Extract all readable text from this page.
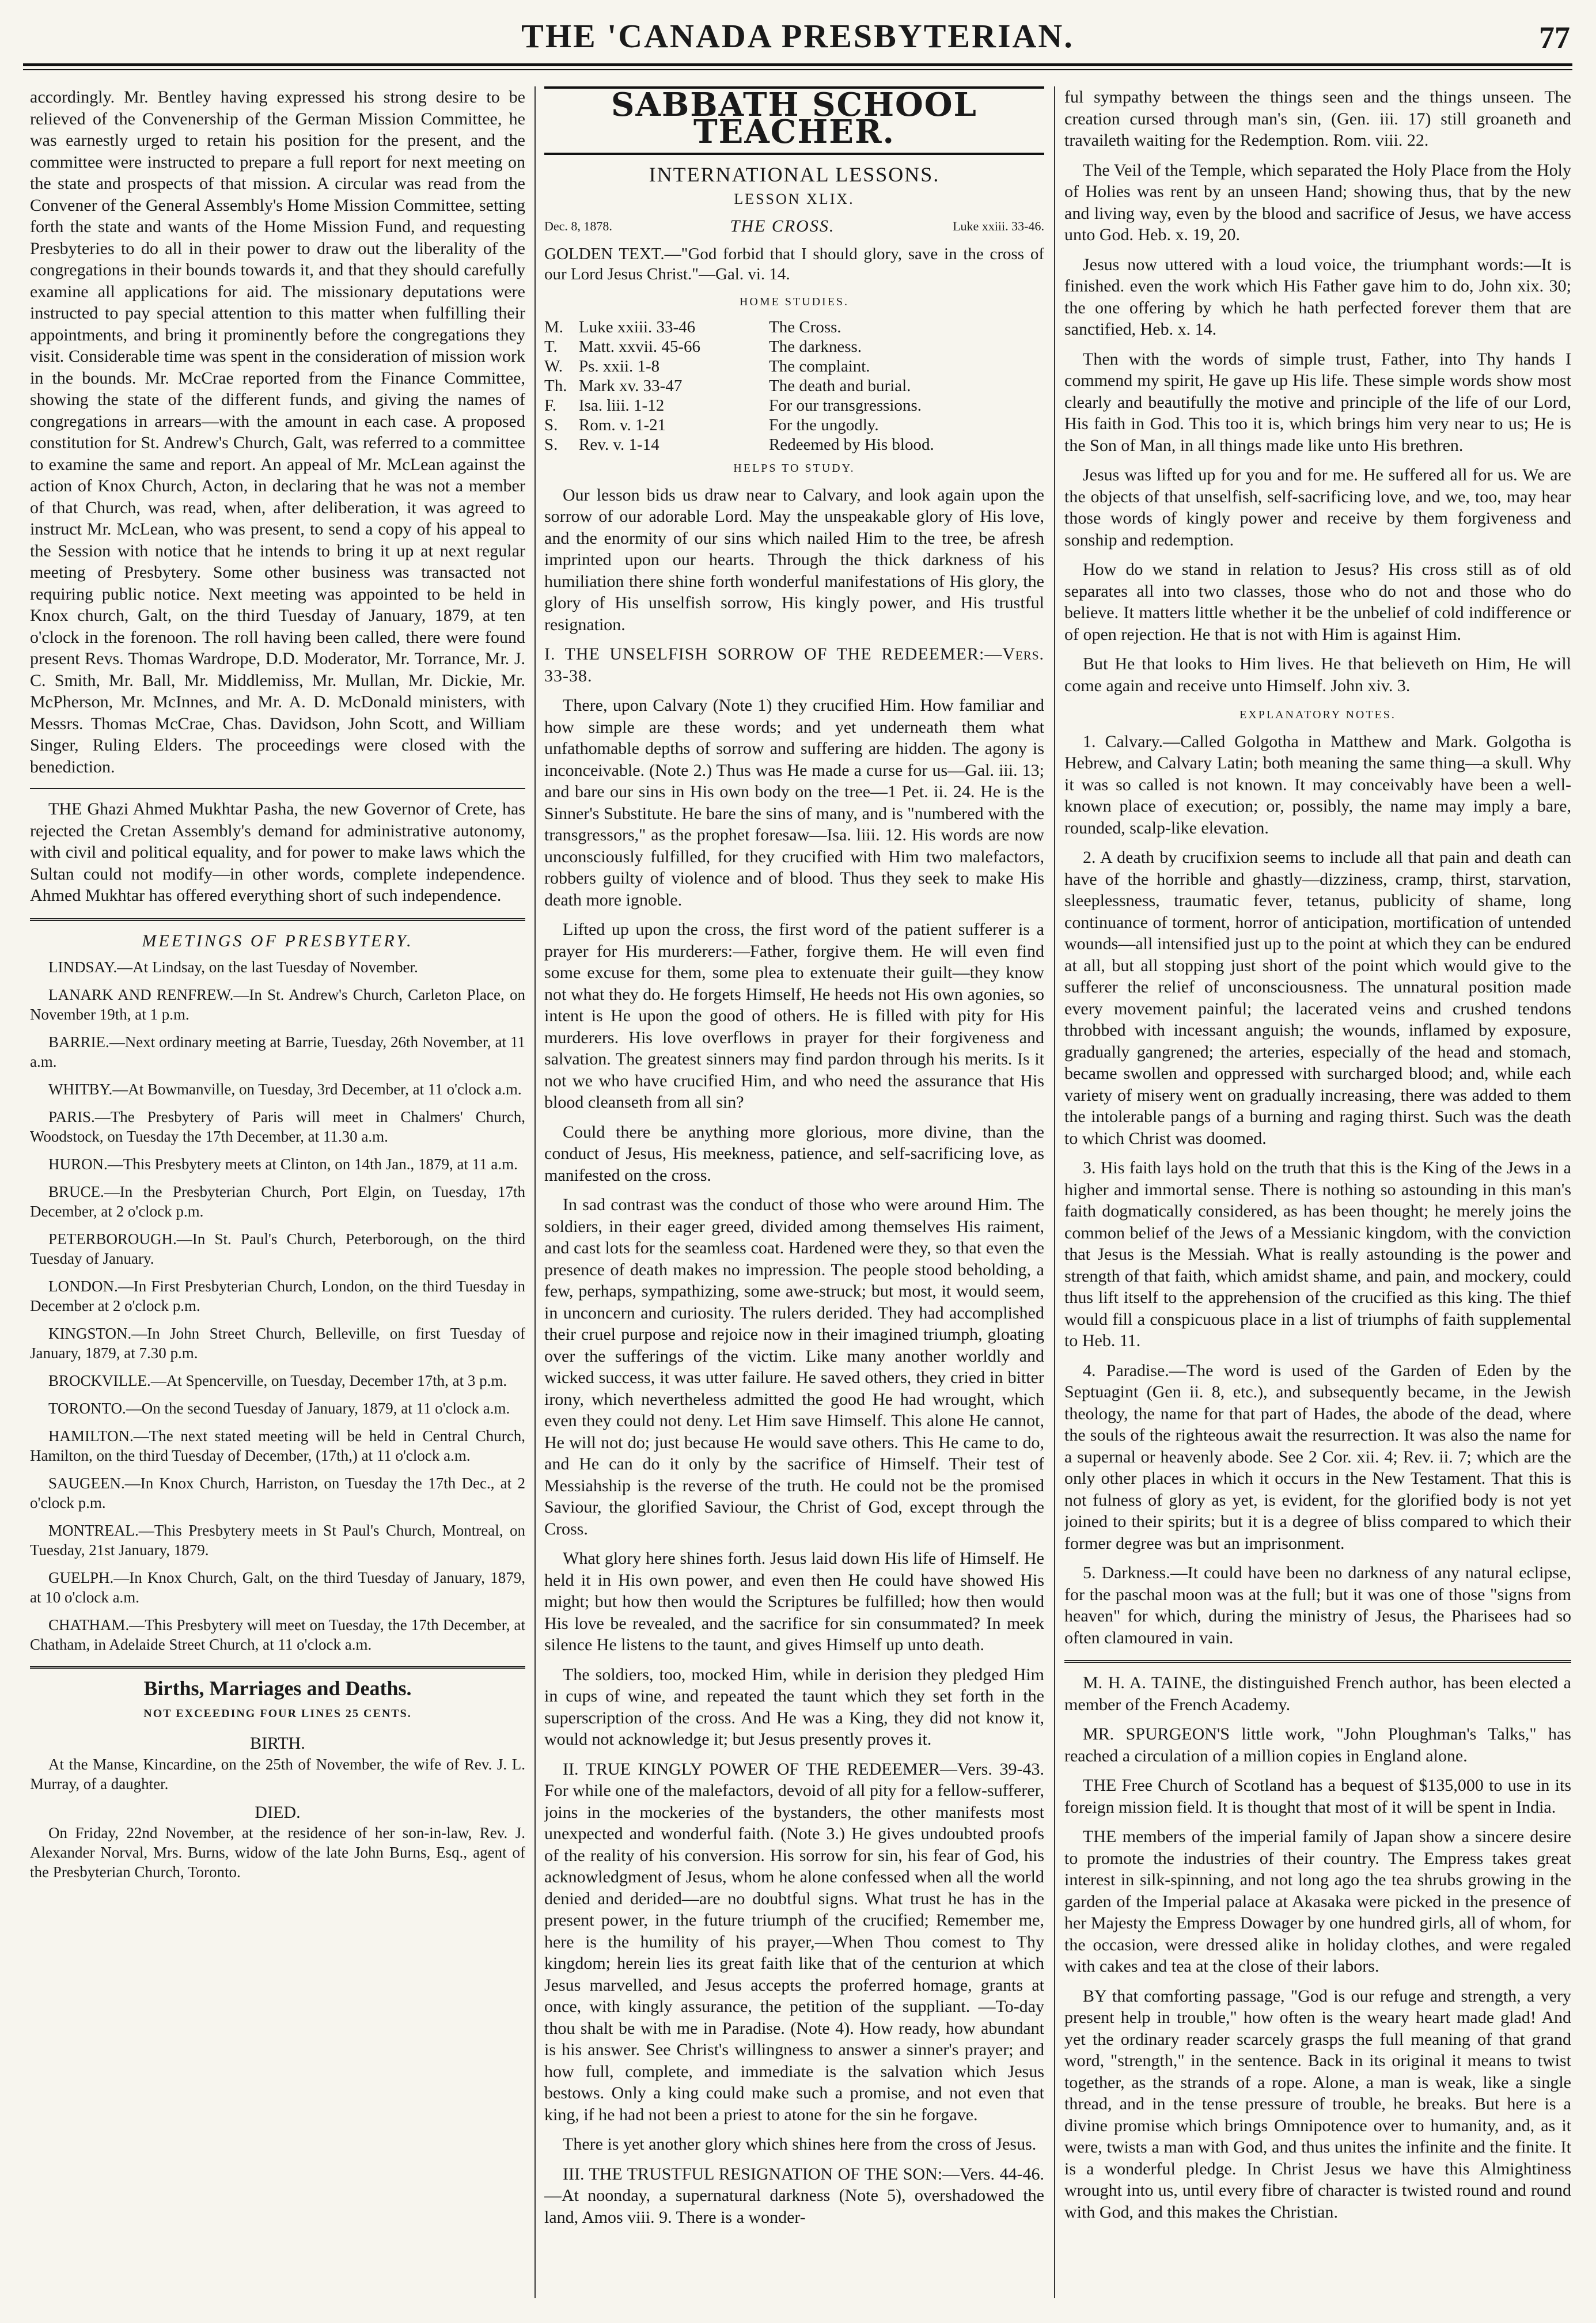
THE 'CANADA PRESBYTERIAN.	77

accordingly. Mr. Bentley having expressed his strong desire to be relieved of the Convenership of the German Mission Committee, he was earnestly urged to retain his position for the present, and the committee were instructed to prepare a full report for next meeting on the state and prospects of that mission. A circular was read from the Convener of the General Assembly's Home Mission Committee, setting forth the state and wants of the Home Mission Fund, and requesting Presbyteries to do all in their power to draw out the liberality of the congregations in their bounds towards it, and that they should carefully examine all applications for aid. The missionary deputations were instructed to pay special attention to this matter when fulfilling their appointments, and bring it prominently before the congregations they visit. Considerable time was spent in the consideration of mission work in the bounds. Mr. McCrae reported from the Finance Committee, showing the state of the different funds, and giving the names of congregations in arrears—with the amount in each case. A proposed constitution for St. Andrew's Church, Galt, was referred to a committee to examine the same and report. An appeal of Mr. McLean against the action of Knox Church, Acton, in declaring that he was not a member of that Church, was read, when, after deliberation, it was agreed to instruct Mr. McLean, who was present, to send a copy of his appeal to the Session with notice that he intends to bring it up at next regular meeting of Presbytery. Some other business was transacted not requiring public notice. Next meeting was appointed to be held in Knox church, Galt, on the third Tuesday of January, 1879, at ten o'clock in the forenoon. The roll having been called, there were found present Revs. Thomas Wardrope, D.D. Moderator, Mr. Torrance, Mr. J. C. Smith, Mr. Ball, Mr. Middlemiss, Mr. Mullan, Mr. Dickie, Mr. McPherson, Mr. McInnes, and Mr. A. D. McDonald ministers, with Messrs. Thomas McCrae, Chas. Davidson, John Scott, and William Singer, Ruling Elders. The proceedings were closed with the benediction.

THE Ghazi Ahmed Mukhtar Pasha, the new Governor of Crete, has rejected the Cretan Assembly's demand for administrative autonomy, with civil and political equality, and for power to make laws which the Sultan could not modify—in other words, complete independence. Ahmed Mukhtar has offered everything short of such independence.

MEETINGS OF PRESBYTERY.

LINDSAY.—At Lindsay, on the last Tuesday of November.

LANARK AND RENFREW.—In St. Andrew's Church, Carleton Place, on November 19th, at 1 p.m.

BARRIE.—Next ordinary meeting at Barrie, Tuesday, 26th November, at 11 a.m.

WHITBY.—At Bowmanville, on Tuesday, 3rd December, at 11 o'clock a.m.

PARIS.—The Presbytery of Paris will meet in Chalmers' Church, Woodstock, on Tuesday the 17th December, at 11.30 a.m.

HURON.—This Presbytery meets at Clinton, on 14th Jan., 1879, at 11 a.m.

BRUCE.—In the Presbyterian Church, Port Elgin, on Tuesday, 17th December, at 2 o'clock p.m.

PETERBOROUGH.—In St. Paul's Church, Peterborough, on the third Tuesday of January.

LONDON.—In First Presbyterian Church, London, on the third Tuesday in December at 2 o'clock p.m.

KINGSTON.—In John Street Church, Belleville, on first Tuesday of January, 1879, at 7.30 p.m.

BROCKVILLE.—At Spencerville, on Tuesday, December 17th, at 3 p.m.

TORONTO.—On the second Tuesday of January, 1879, at 11 o'clock a.m.

HAMILTON.—The next stated meeting will be held in Central Church, Hamilton, on the third Tuesday of December, (17th,) at 11 o'clock a.m.

SAUGEEN.—In Knox Church, Harriston, on Tuesday the 17th Dec., at 2 o'clock p.m.

MONTREAL.—This Presbytery meets in St Paul's Church, Montreal, on Tuesday, 21st January, 1879.

GUELPH.—In Knox Church, Galt, on the third Tuesday of January, 1879, at 10 o'clock a.m.

CHATHAM.—This Presbytery will meet on Tuesday, the 17th December, at Chatham, in Adelaide Street Church, at 11 o'clock a.m.

Births, Marriages and Deaths.
NOT EXCEEDING FOUR LINES 25 CENTS.
BIRTH.

At the Manse, Kincardine, on the 25th of November, the wife of Rev. J. L. Murray, of a daughter.

DIED.

On Friday, 22nd November, at the residence of her son-in-law, Rev. J. Alexander Norval, Mrs. Burns, widow of the late John Burns, Esq., agent of the Presbyterian Church, Toronto.

SABBATH SCHOOL TEACHER.
INTERNATIONAL LESSONS.
LESSON XLIX.
Dec. 8, 1878.	THE CROSS.	Luke xxiii. 33-46.
GOLDEN TEXT.—"God forbid that I should glory, save in the cross of our Lord Jesus Christ."—Gal. vi. 14.
HOME STUDIES.
M. Luke xxiii. 33-46	The Cross.
T.	Matt. xxvii. 45-66	The darkness.
W. Ps. xxii. 1-8	The complaint.
Th. Mark xv. 33-47	The death and burial.
F.	Isa. liii. 1-12	For our transgressions.
S.	Rom. v. 1-21	For the ungodly.
S.	Rev. v. 1-14	Redeemed by His blood.
HELPS TO STUDY.

Our lesson bids us draw near to Calvary, and look again upon the sorrow of our adorable Lord. May the unspeakable glory of His love, and the enormity of our sins which nailed Him to the tree, be afresh imprinted upon our hearts. Through the thick darkness of his humiliation there shine forth wonderful manifestations of His glory, the glory of His unselfish sorrow, His kingly power, and His trustful resignation.

I. THE UNSELFISH SORROW OF THE REDEEMER:—Vers. 33-38.

There, upon Calvary (Note 1) they crucified Him. How familiar and how simple are these words; and yet underneath them what unfathomable depths of sorrow and suffering are hidden. The agony is inconceivable. (Note 2.) Thus was He made a curse for us—Gal. iii. 13; and bare our sins in His own body on the tree—1 Pet. ii. 24. He is the Sinner's Substitute. He bare the sins of many, and is "numbered with the transgressors," as the prophet foresaw—Isa. liii. 12. His words are now unconsciously fulfilled, for they crucified with Him two malefactors, robbers guilty of violence and of blood. Thus they seek to make His death more ignoble.

Lifted up upon the cross, the first word of the patient sufferer is a prayer for His murderers:—Father, forgive them. He will even find some excuse for them, some plea to extenuate their guilt—they know not what they do. He forgets Himself, He heeds not His own agonies, so intent is He upon the good of others. He is filled with pity for His murderers. His love overflows in prayer for their forgiveness and salvation. The greatest sinners may find pardon through his merits. Is it not we who have crucified Him, and who need the assurance that His blood cleanseth from all sin?

Could there be anything more glorious, more divine, than the conduct of Jesus, His meekness, patience, and self-sacrificing love, as manifested on the cross.

In sad contrast was the conduct of those who were around Him. The soldiers, in their eager greed, divided among themselves His raiment, and cast lots for the seamless coat. Hardened were they, so that even the presence of death makes no impression. The people stood beholding, a few, perhaps, sympathizing, some awe-struck; but most, it would seem, in unconcern and curiosity. The rulers derided. They had accomplished their cruel purpose and rejoice now in their imagined triumph, gloating over the sufferings of the victim. Like many another worldly and wicked success, it was utter failure. He saved others, they cried in bitter irony, which nevertheless admitted the good He had wrought, which even they could not deny. Let Him save Himself. This alone He cannot, He will not do; just because He would save others. This He came to do, and He can do it only by the sacrifice of Himself. Their test of Messiahship is the reverse of the truth. He could not be the promised Saviour, the glorified Saviour, the Christ of God, except through the Cross.

What glory here shines forth. Jesus laid down His life of Himself. He held it in His own power, and even then He could have showed His might; but how then would the Scriptures be fulfilled; how then would His love be revealed, and the sacrifice for sin consummated? In meek silence He listens to the taunt, and gives Himself up unto death.

The soldiers, too, mocked Him, while in derision they pledged Him in cups of wine, and repeated the taunt which they set forth in the superscription of the cross. And He was a King, they did not know it, would not acknowledge it; but Jesus presently proves it.

II. TRUE KINGLY POWER OF THE REDEEMER—Vers. 39-43. For while one of the malefactors, devoid of all pity for a fellow-sufferer, joins in the mockeries of the bystanders, the other manifests most unexpected and wonderful faith. (Note 3.) He gives undoubted proofs of the reality of his conversion. His sorrow for sin, his fear of God, his acknowledgment of Jesus, whom he alone confessed when all the world denied and derided—are no doubtful signs. What trust he has in the present power, in the future triumph of the crucified; Remember me, here is the humility of his prayer,—When Thou comest to Thy kingdom; herein lies its great faith like that of the centurion at which Jesus marvelled, and Jesus accepts the proferred homage, grants at once, with kingly assurance, the petition of the suppliant. —To-day thou shalt be with me in Paradise. (Note 4). How ready, how abundant is his answer. See Christ's willingness to answer a sinner's prayer; and how full, complete, and immediate is the salvation which Jesus bestows. Only a king could make such a promise, and not even that king, if he had not been a priest to atone for the sin he forgave.

There is yet another glory which shines here from the cross of Jesus.

III. THE TRUSTFUL RESIGNATION OF THE SON:—Vers. 44-46.—At noonday, a supernatural darkness (Note 5), overshadowed the land, Amos viii. 9. There is a wonder-

ful sympathy between the things seen and the things unseen. The creation cursed through man's sin, (Gen. iii. 17) still groaneth and travaileth waiting for the Redemption. Rom. viii. 22.

The Veil of the Temple, which separated the Holy Place from the Holy of Holies was rent by an unseen Hand; showing thus, that by the new and living way, even by the blood and sacrifice of Jesus, we have access unto God. Heb. x. 19, 20.

Jesus now uttered with a loud voice, the triumphant words:—It is finished. even the work which His Father gave him to do, John xix. 30; the one offering by which he hath perfected forever them that are sanctified, Heb. x. 14.

Then with the words of simple trust, Father, into Thy hands I commend my spirit, He gave up His life. These simple words show most clearly and beautifully the motive and principle of the life of our Lord, His faith in God. This too it is, which brings him very near to us; He is the Son of Man, in all things made like unto His brethren.

Jesus was lifted up for you and for me. He suffered all for us. We are the objects of that unselfish, self-sacrificing love, and we, too, may hear those words of kingly power and receive by them forgiveness and sonship and redemption.

How do we stand in relation to Jesus? His cross still as of old separates all into two classes, those who do not and those who do believe. It matters little whether it be the unbelief of cold indifference or of open rejection. He that is not with Him is against Him.

But He that looks to Him lives. He that believeth on Him, He will come again and receive unto Himself. John xiv. 3.

EXPLANATORY NOTES.

1. Calvary.—Called Golgotha in Matthew and Mark. Golgotha is Hebrew, and Calvary Latin; both meaning the same thing—a skull. Why it was so called is not known. It may conceivably have been a well-known place of execution; or, possibly, the name may imply a bare, rounded, scalp-like elevation.

2. A death by crucifixion seems to include all that pain and death can have of the horrible and ghastly—dizziness, cramp, thirst, starvation, sleeplessness, traumatic fever, tetanus, publicity of shame, long continuance of torment, horror of anticipation, mortification of untended wounds—all intensified just up to the point at which they can be endured at all, but all stopping just short of the point which would give to the sufferer the relief of unconsciousness. The unnatural position made every movement painful; the lacerated veins and crushed tendons throbbed with incessant anguish; the wounds, inflamed by exposure, gradually gangrened; the arteries, especially of the head and stomach, became swollen and oppressed with surcharged blood; and, while each variety of misery went on gradually increasing, there was added to them the intolerable pangs of a burning and raging thirst. Such was the death to which Christ was doomed.

3. His faith lays hold on the truth that this is the King of the Jews in a higher and immortal sense. There is nothing so astounding in this man's faith dogmatically considered, as has been thought; he merely joins the common belief of the Jews of a Messianic kingdom, with the conviction that Jesus is the Messiah. What is really astounding is the power and strength of that faith, which amidst shame, and pain, and mockery, could thus lift itself to the apprehension of the crucified as this king. The thief would fill a conspicuous place in a list of triumphs of faith supplemental to Heb. 11.

4. Paradise.—The word is used of the Garden of Eden by the Septuagint (Gen ii. 8, etc.), and subsequently became, in the Jewish theology, the name for that part of Hades, the abode of the dead, where the souls of the righteous await the resurrection. It was also the name for a supernal or heavenly abode. See 2 Cor. xii. 4; Rev. ii. 7; which are the only other places in which it occurs in the New Testament. That this is not fulness of glory as yet, is evident, for the glorified body is not yet joined to their spirits; but it is a degree of bliss compared to which their former degree was but an imprisonment.

5. Darkness.—It could have been no darkness of any natural eclipse, for the paschal moon was at the full; but it was one of those "signs from heaven" for which, during the ministry of Jesus, the Pharisees had so often clamoured in vain.

M. H. A. TAINE, the distinguished French author, has been elected a member of the French Academy.

MR. SPURGEON'S little work, "John Ploughman's Talks," has reached a circulation of a million copies in England alone.

THE Free Church of Scotland has a bequest of $135,000 to use in its foreign mission field. It is thought that most of it will be spent in India.

THE members of the imperial family of Japan show a sincere desire to promote the industries of their country. The Empress takes great interest in silk-spinning, and not long ago the tea shrubs growing in the garden of the Imperial palace at Akasaka were picked in the presence of her Majesty the Empress Dowager by one hundred girls, all of whom, for the occasion, were dressed alike in holiday clothes, and were regaled with cakes and tea at the close of their labors.

BY that comforting passage, "God is our refuge and strength, a very present help in trouble," how often is the weary heart made glad! And yet the ordinary reader scarcely grasps the full meaning of that grand word, "strength," in the sentence. Back in its original it means to twist together, as the strands of a rope. Alone, a man is weak, like a single thread, and in the tense pressure of trouble, he breaks. But here is a divine promise which brings Omnipotence over to humanity, and, as it were, twists a man with God, and thus unites the infinite and the finite. It is a wonderful pledge. In Christ Jesus we have this Almightiness wrought into us, until every fibre of character is twisted round and round with God, and this makes the Christian.
